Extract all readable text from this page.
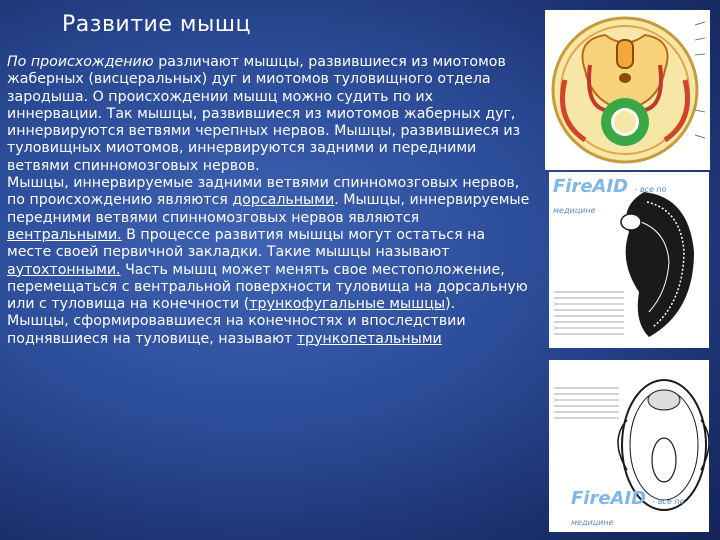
Развитие мышц

По происхождению различают мышцы, развившиеся из миотомов жаберных (висцеральных) дуг и миотомов туловищного отдела зародыша. О происхождении мышц можно судить по их иннервации. Так мышцы, развившиеся из миотомов жаберных дуг, иннервируются ветвями черепных нервов. Мышцы, развившиеся из туловищных миотомов, иннервируются задними и передними ветвями спинномозговых нервов.

Мышцы, иннервируемые задними ветвями спинномозговых нервов, по происхождению являются дорсальными. Мышцы, иннервируемые передними ветвями спинномозговых нервов являются вентральными. В процессе развития мышцы могут остаться на месте своей первичной закладки. Такие мышцы называют аутохтонными. Часть мышц может менять свое местоположение, перемещаться с вентральной поверхности туловища на дорсальную или с туловища на конечности (трункофугальные мышцы).

Мышцы, сформировавшиеся на конечностях и впоследствии поднявшиеся на туловище, называют трункопетальными

FireAID - все по медицине
FireAID - все по медицине
